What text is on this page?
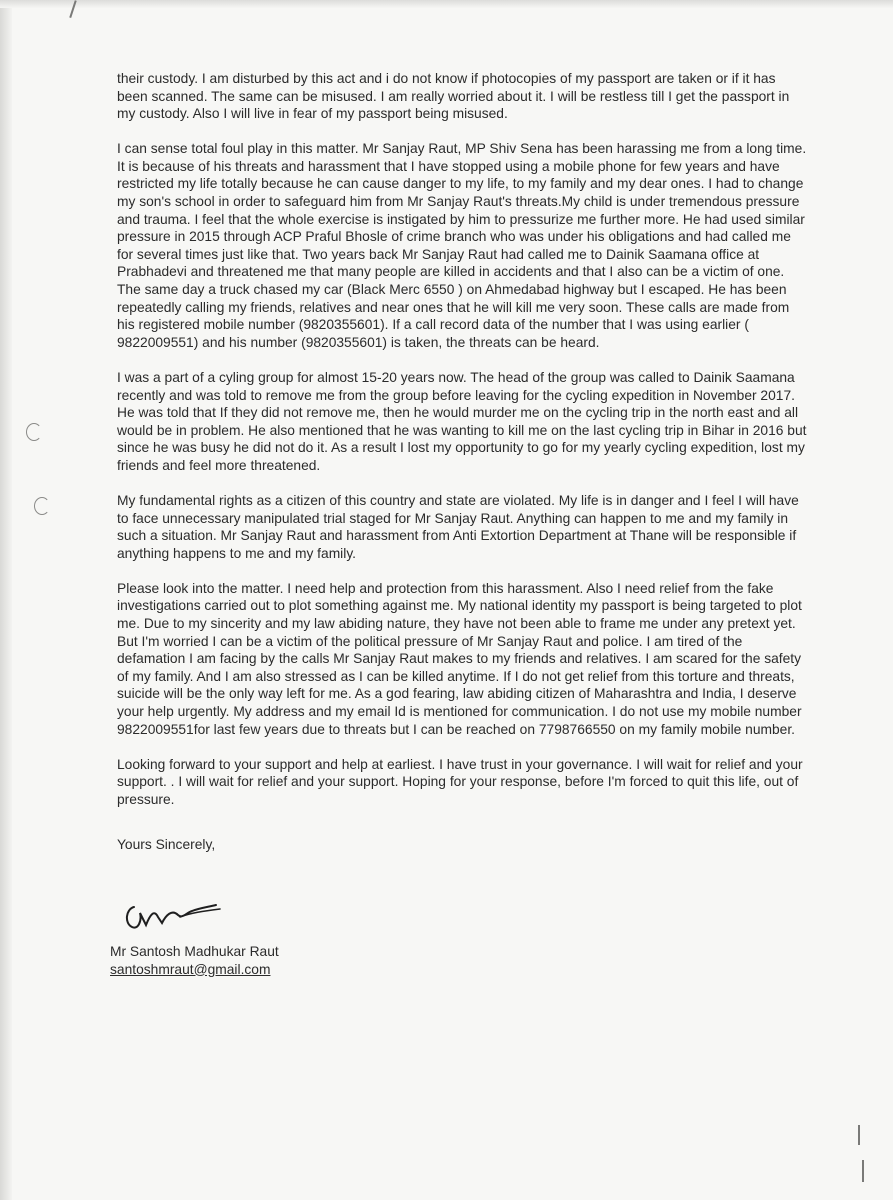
their custody. I am disturbed by this act and i do not know if photocopies of my passport are taken or if it has been scanned. The same can be misused. I am really worried about it. I will be restless till I get the passport in my custody. Also I will live in fear of my passport being misused.

I can sense total foul play in this matter. Mr Sanjay Raut, MP Shiv Sena has been harassing me from a long time. It is because of his threats and harassment that I have stopped using a mobile phone for few years and have restricted my life totally because he can cause danger to my life, to my family and my dear ones. I had to change my son's school in order to safeguard him from Mr Sanjay Raut's threats.My child is under tremendous pressure and trauma. I feel that the whole exercise is instigated by him to pressurize me further more. He had used similar pressure in 2015 through ACP Praful Bhosle of crime branch who was under his obligations and had called me for several times just like that. Two years back Mr Sanjay Raut had called me to Dainik Saamana office at Prabhadevi and threatened me that many people are killed in accidents and that I also can be a victim of one. The same day a truck chased my car (Black Merc 6550 ) on Ahmedabad highway but I escaped. He has been repeatedly calling my friends, relatives and near ones that he will kill me very soon. These calls are made from his registered mobile number (9820355601). If a call record data of the number that I was using earlier ( 9822009551) and his number (9820355601) is taken, the threats can be heard.

I was a part of a cyling group for almost 15-20 years now. The head of the group was called to Dainik Saamana recently and was told to remove me from the group before leaving for the cycling expedition in November 2017. He was told that If they did not remove me, then he would murder me on the cycling trip in the north east and all would be in problem. He also mentioned that he was wanting to kill me on the last cycling trip in Bihar in 2016 but since he was busy he did not do it. As a result I lost my opportunity to go for my yearly cycling expedition, lost my friends and feel more threatened.

My fundamental rights as a citizen of this country and state are violated. My life is in danger and I feel I will have to face unnecessary manipulated trial staged for Mr Sanjay Raut. Anything can happen to me and my family in such a situation. Mr Sanjay Raut and harassment from Anti Extortion Department at Thane will be responsible if anything happens to me and my family.

Please look into the matter. I need help and protection from this harassment. Also I need relief from the fake investigations carried out to plot something against me. My national identity my passport is being targeted to plot me. Due to my sincerity and my law abiding nature, they have not been able to frame me under any pretext yet. But I'm worried I can be a victim of the political pressure of Mr Sanjay Raut and police. I am tired of the defamation I am facing by the calls Mr Sanjay Raut makes to my friends and relatives. I am scared for the safety of my family. And I am also stressed as I can be killed anytime. If I do not get relief from this torture and threats, suicide will be the only way left for me. As a god fearing, law abiding citizen of Maharashtra and India, I deserve your help urgently. My address and my email Id is mentioned for communication. I do not use my mobile number 9822009551for last few years due to threats but I can be reached on 7798766550 on my family mobile number.

Looking forward to your support and help at earliest. I have trust in your governance. I will wait for relief and your support. . I will wait for relief and your support. Hoping for your response, before I'm forced to quit this life, out of pressure.

Yours Sincerely,

Mr Santosh Madhukar Raut
santoshmraut@gmail.com
